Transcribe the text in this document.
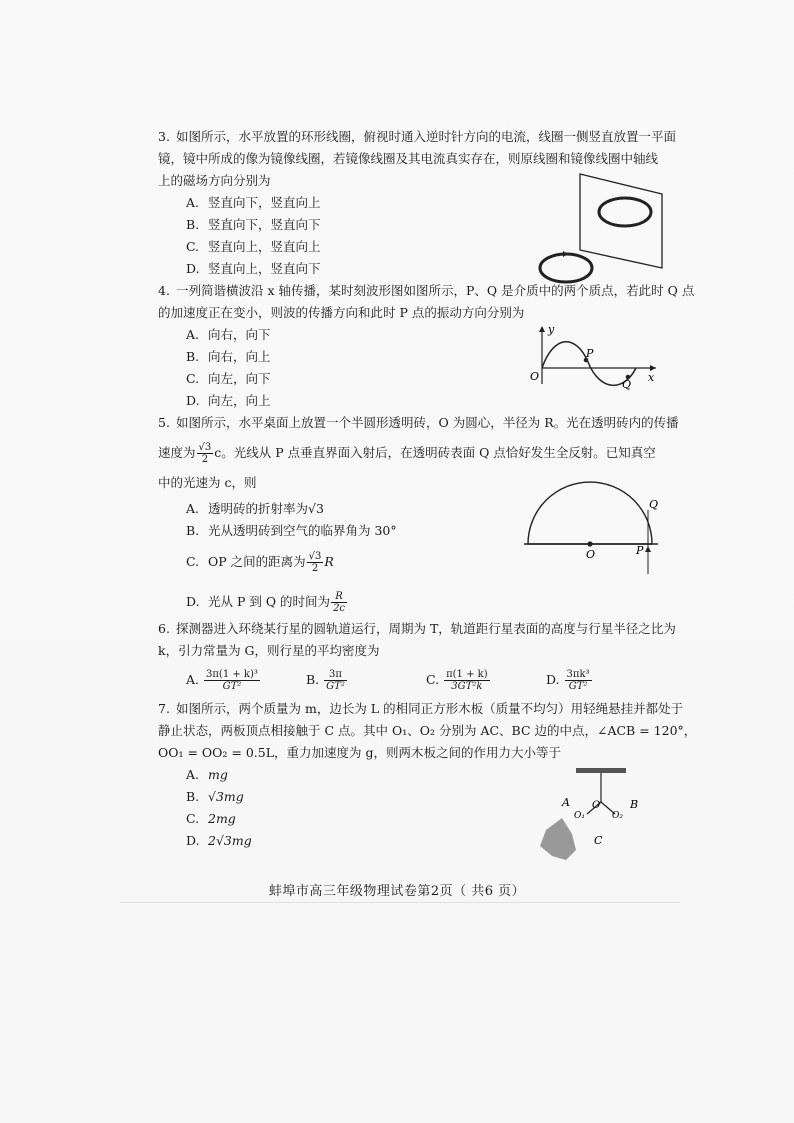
3. 如图所示，水平放置的环形线圈，俯视时通入逆时针方向的电流，线圈一侧竖直放置一平面
镜，镜中所成的像为镜像线圈，若镜像线圈及其电流真实存在，则原线圈和镜像线圈中轴线
上的磁场方向分别为
A. 竖直向下，竖直向上
B. 竖直向下，竖直向下
C. 竖直向上，竖直向上
D. 竖直向上，竖直向下
4. 一列简谐横波沿 x 轴传播，某时刻波形图如图所示，P、Q 是介质中的两个质点，若此时 Q 点
的加速度正在变小，则波的传播方向和此时 P 点的振动方向分别为
A. 向右，向下
B. 向右，向上
C. 向左，向下
D. 向左，向上
y
x
O
P
Q
5. 如图所示，水平桌面上放置一个半圆形透明砖，O 为圆心，半径为 R。光在透明砖内的传播
速度为 $\frac{√3}{2}$ c。光线从 P 点垂直界面入射后，在透明砖表面 Q 点恰好发生全反射。已知真空
中的光速为 c，则
A. 透明砖的折射率为√3
B. 光从透明砖到空气的临界角为 30°
C. OP 之间的距离为 $\frac{√3}{2}$ R
D. 光从 P 到 Q 的时间为 $\frac{R}{2c}$
O	P
Q
6. 探测器进入环绕某行星的圆轨道运行，周期为 T，轨道距行星表面的高度与行星半径之比为
k，引力常量为 G，则行星的平均密度为
A. $\frac{\text{3π(1 + k)³}}{\text{GT²}}$	B. $\frac{3\pi}{\text{GT²}}$	C. $\frac{\pi(1 + k)}{\text{3GT²k}}$	D. $\frac{\text{3πk³}}{\text{GT²}}$
7. 如图所示，两个质量为 m，边长为 L 的相同正方形木板（质量不均匀）用轻绳悬挂并都处于
静止状态，两板顶点相接触于 C 点。其中 O₁、O₂ 分别为 AC、BC 边的中点，∠ACB = 120°，
OO₁ = OO₂ = 0.5L，重力加速度为 g，则两木板之间的作用力大小等于
A. mg
B. √3mg
C. 2mg
D. 2√3mg
A	B
O
O₁	O₂
C
蚌埠市高三年级物理试卷第2页（ 共6 页）
